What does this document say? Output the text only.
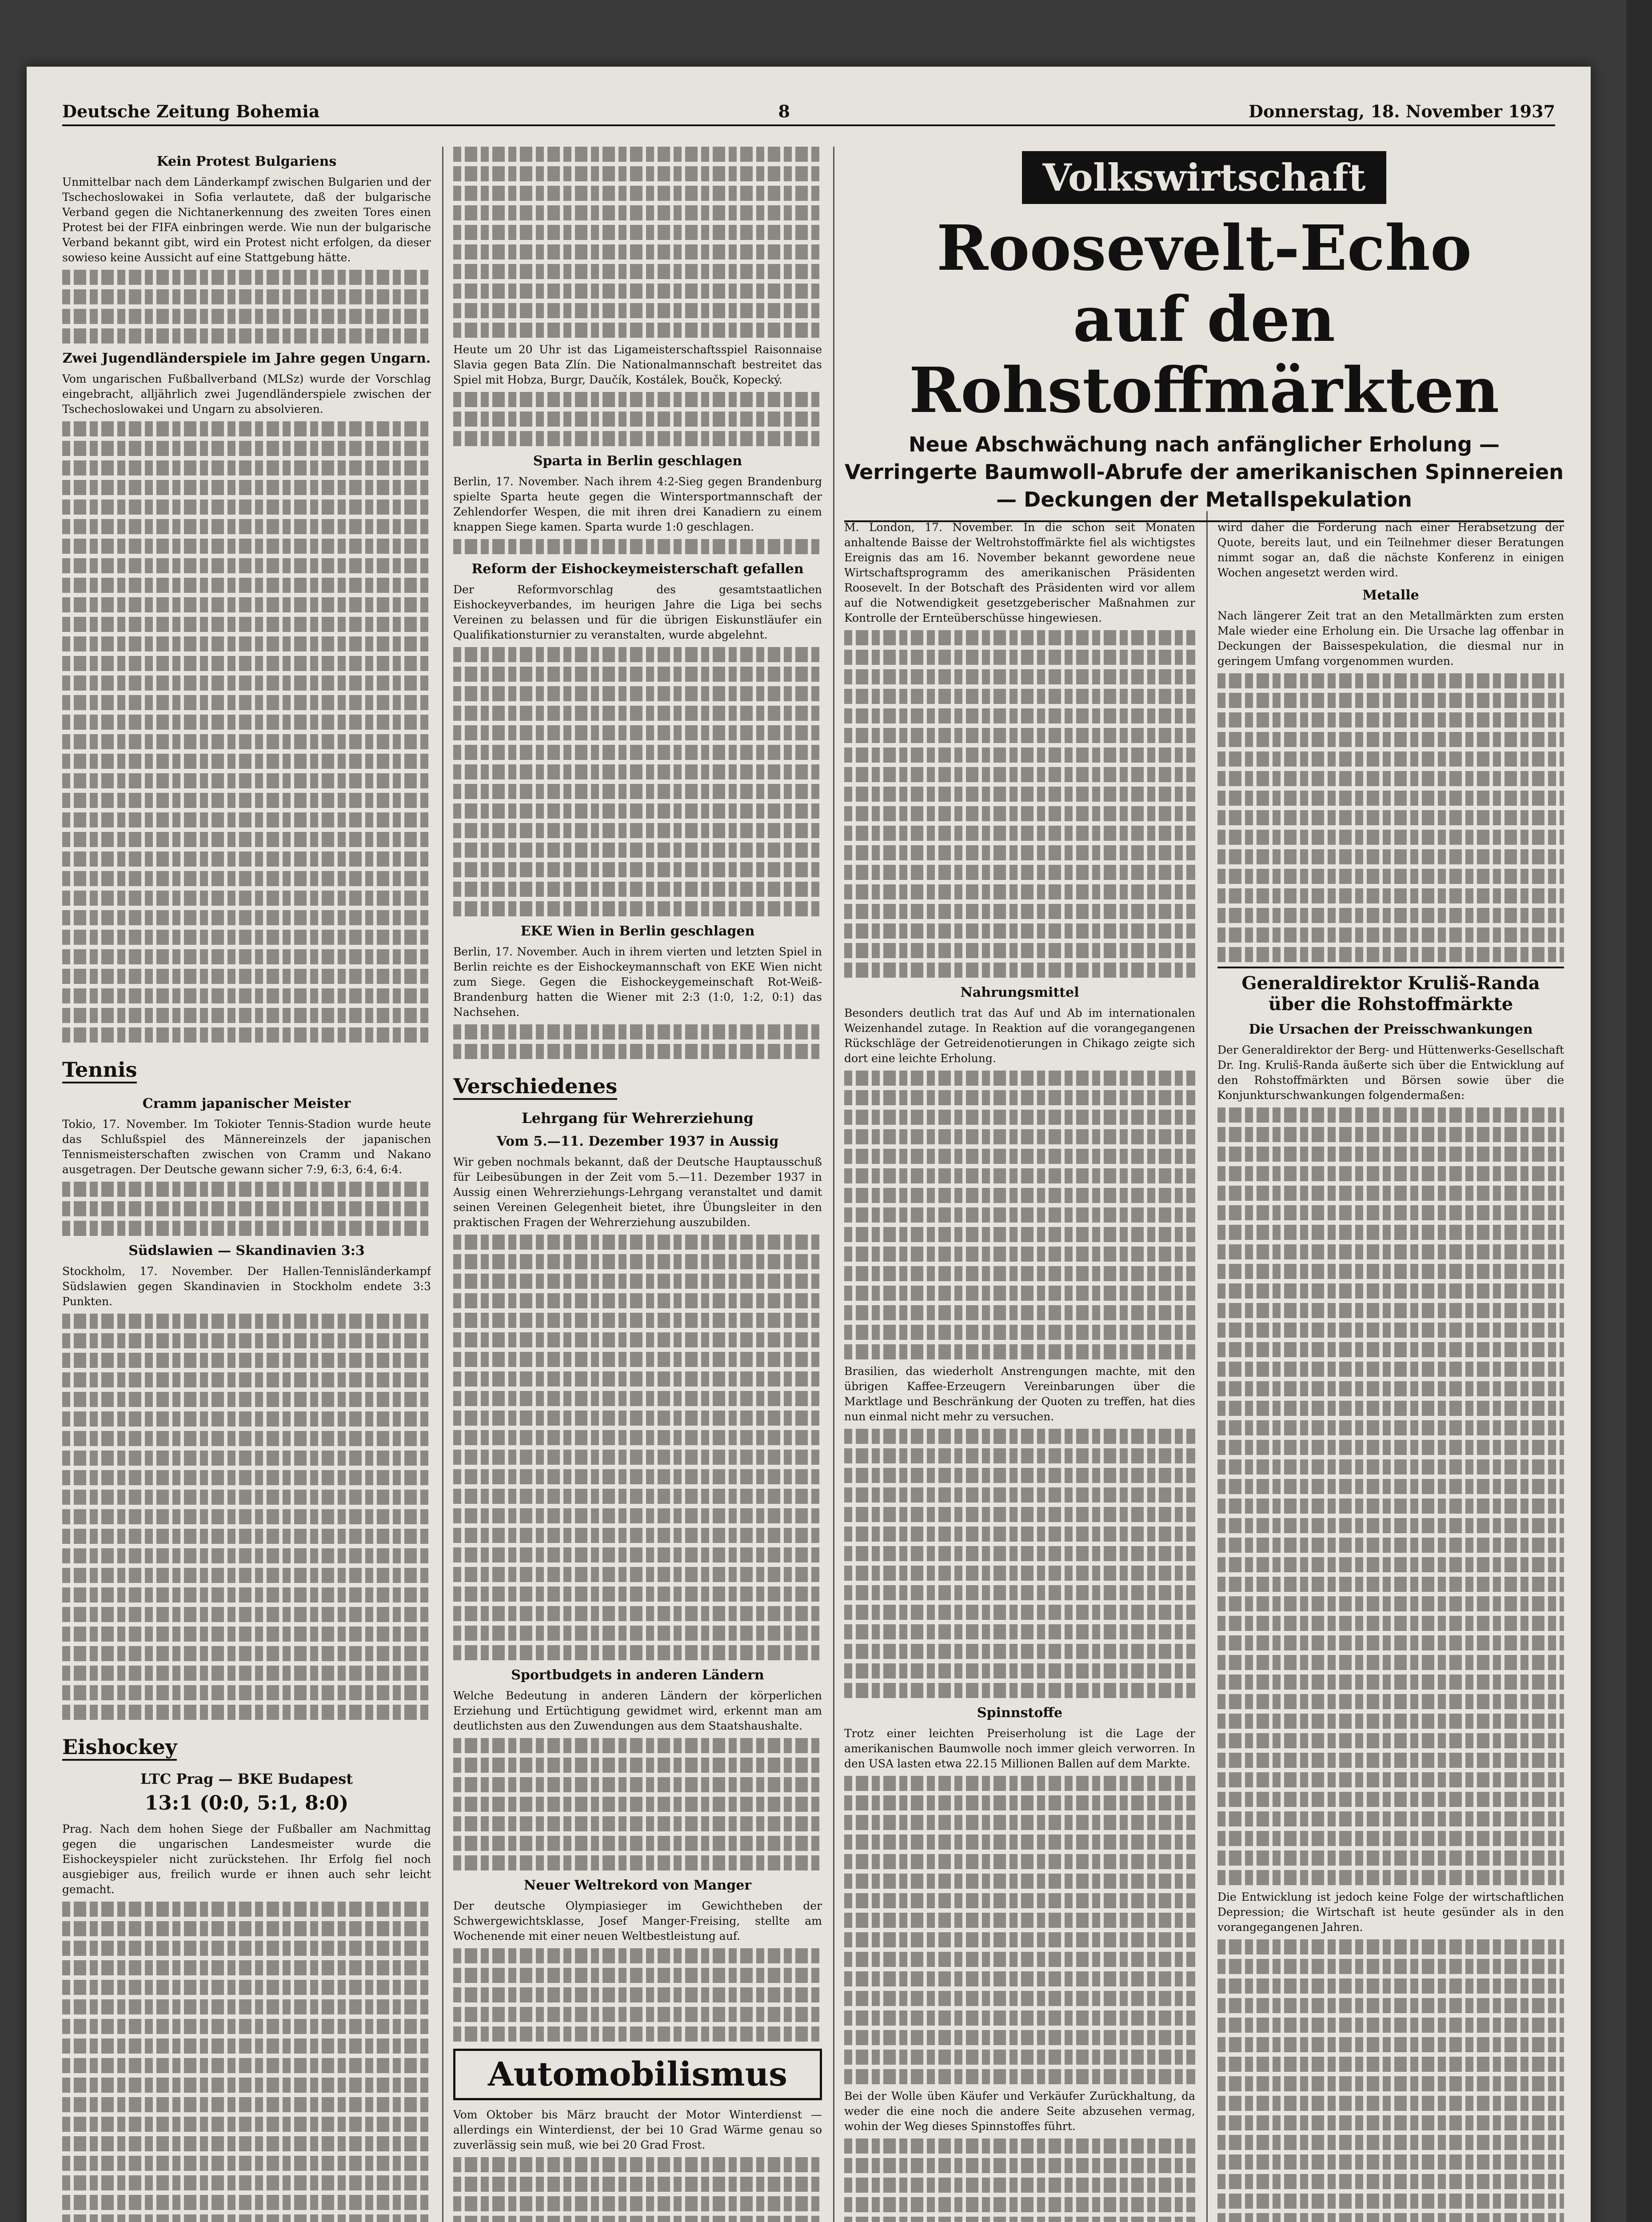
Deutsche Zeitung Bohemia	8	Donnerstag, 18. November 1937
Kein Protest Bulgariens

Unmittelbar nach dem Länderkampf zwischen Bulgarien und der Tschechoslowakei in Sofia verlautete, daß der bulgarische Verband gegen die Nichtanerkennung des zweiten Tores einen Protest bei der FIFA einbringen werde. Wie nun der bulgarische Verband bekannt gibt, wird ein Protest nicht erfolgen, da dieser sowieso keine Aussicht auf eine Stattgebung hätte.

Zwei Jugendländerspiele im Jahre gegen Ungarn.

Vom ungarischen Fußballverband (MLSz) wurde der Vorschlag eingebracht, alljährlich zwei Jugendländerspiele zwischen der Tschechoslowakei und Ungarn zu absolvieren.

Tennis
Cramm japanischer Meister

Tokio, 17. November. Im Tokioter Tennis-Stadion wurde heute das Schlußspiel des Männereinzels der japanischen Tennismeisterschaften zwischen von Cramm und Nakano ausgetragen. Der Deutsche gewann sicher 7:9, 6:3, 6:4, 6:4.

Südslawien — Skandinavien 3:3

Stockholm, 17. November. Der Hallen-Tennisländerkampf Südslawien gegen Skandinavien in Stockholm endete 3:3 Punkten.

Eishockey
LTC Prag — BKE Budapest
13:1 (0:0, 5:1, 8:0)

Prag. Nach dem hohen Siege der Fußballer am Nachmittag gegen die ungarischen Landesmeister wurde die Eishockeyspieler nicht zurückstehen. Ihr Erfolg fiel noch ausgiebiger aus, freilich wurde er ihnen auch sehr leicht gemacht.

Heute um 20 Uhr ist das Ligameisterschaftsspiel Raisonnaise Slavia gegen Bata Zlín. Die Nationalmannschaft bestreitet das Spiel mit Hobza, Burgr, Daučík, Kostálek, Boučk, Kopecký.

Sparta in Berlin geschlagen

Berlin, 17. November. Nach ihrem 4:2-Sieg gegen Brandenburg spielte Sparta heute gegen die Wintersportmannschaft der Zehlendorfer Wespen, die mit ihren drei Kanadiern zu einem knappen Siege kamen. Sparta wurde 1:0 geschlagen.

Reform der Eishockeymeisterschaft gefallen

Der Reformvorschlag des gesamtstaatlichen Eishockeyverbandes, im heurigen Jahre die Liga bei sechs Vereinen zu belassen und für die übrigen Eiskunstläufer ein Qualifikationsturnier zu veranstalten, wurde abgelehnt.

EKE Wien in Berlin geschlagen

Berlin, 17. November. Auch in ihrem vierten und letzten Spiel in Berlin reichte es der Eishockeymannschaft von EKE Wien nicht zum Siege. Gegen die Eishockeygemeinschaft Rot-Weiß-Brandenburg hatten die Wiener mit 2:3 (1:0, 1:2, 0:1) das Nachsehen.

Verschiedenes
Lehrgang für Wehrerziehung
Vom 5.—11. Dezember 1937 in Aussig

Wir geben nochmals bekannt, daß der Deutsche Hauptausschuß für Leibesübungen in der Zeit vom 5.—11. Dezember 1937 in Aussig einen Wehrerziehungs-Lehrgang veranstaltet und damit seinen Vereinen Gelegenheit bietet, ihre Übungsleiter in den praktischen Fragen der Wehrerziehung auszubilden.

Sportbudgets in anderen Ländern

Welche Bedeutung in anderen Ländern der körperlichen Erziehung und Ertüchtigung gewidmet wird, erkennt man am deutlichsten aus den Zuwendungen aus dem Staatshaushalte.

Neuer Weltrekord von Manger

Der deutsche Olympiasieger im Gewichtheben der Schwergewichtsklasse, Josef Manger-Freising, stellte am Wochenende mit einer neuen Weltbestleistung auf.

Automobilismus

Vom Oktober bis März braucht der Motor Winterdienst — allerdings ein Winterdienst, der bei 10 Grad Wärme genau so zuverlässig sein muß, wie bei 20 Grad Frost.

Volkswirtschaft
Roosevelt-Echo
auf den Rohstoffmärkten
Neue Abschwächung nach anfänglicher Erholung — Verringerte Baumwoll-Abrufe der amerikanischen Spinnereien — Deckungen der Metallspekulation

M. London, 17. November. In die schon seit Monaten anhaltende Baisse der Weltrohstoffmärkte fiel als wichtigstes Ereignis das am 16. November bekannt gewordene neue Wirtschaftsprogramm des amerikanischen Präsidenten Roosevelt. In der Botschaft des Präsidenten wird vor allem auf die Notwendigkeit gesetzgeberischer Maßnahmen zur Kontrolle der Ernteüberschüsse hingewiesen.

Nahrungsmittel

Besonders deutlich trat das Auf und Ab im internationalen Weizenhandel zutage. In Reaktion auf die vorangegangenen Rückschläge der Getreidenotierungen in Chikago zeigte sich dort eine leichte Erholung.

Brasilien, das wiederholt Anstrengungen machte, mit den übrigen Kaffee-Erzeugern Vereinbarungen über die Marktlage und Beschränkung der Quoten zu treffen, hat dies nun einmal nicht mehr zu versuchen.

Spinnstoffe

Trotz einer leichten Preiserholung ist die Lage der amerikanischen Baumwolle noch immer gleich verworren. In den USA lasten etwa 22.15 Millionen Ballen auf dem Markte.

Bei der Wolle üben Käufer und Verkäufer Zurückhaltung, da weder die eine noch die andere Seite abzusehen vermag, wohin der Weg dieses Spinnstoffes führt.

wird daher die Forderung nach einer Herabsetzung der Quote, bereits laut, und ein Teilnehmer dieser Beratungen nimmt sogar an, daß die nächste Konferenz in einigen Wochen angesetzt werden wird.

Metalle

Nach längerer Zeit trat an den Metallmärkten zum ersten Male wieder eine Erholung ein. Die Ursache lag offenbar in Deckungen der Baissespekulation, die diesmal nur in geringem Umfang vorgenommen wurden.

Generaldirektor Kruliš-Randa über die Rohstoffmärkte
Die Ursachen der Preisschwankungen

Der Generaldirektor der Berg- und Hüttenwerks-Gesellschaft Dr. Ing. Kruliš-Randa äußerte sich über die Entwicklung auf den Rohstoffmärkten und Börsen sowie über die Konjunkturschwankungen folgendermaßen:

Die Entwicklung ist jedoch keine Folge der wirtschaftlichen Depression; die Wirtschaft ist heute gesünder als in den vorangegangenen Jahren.
